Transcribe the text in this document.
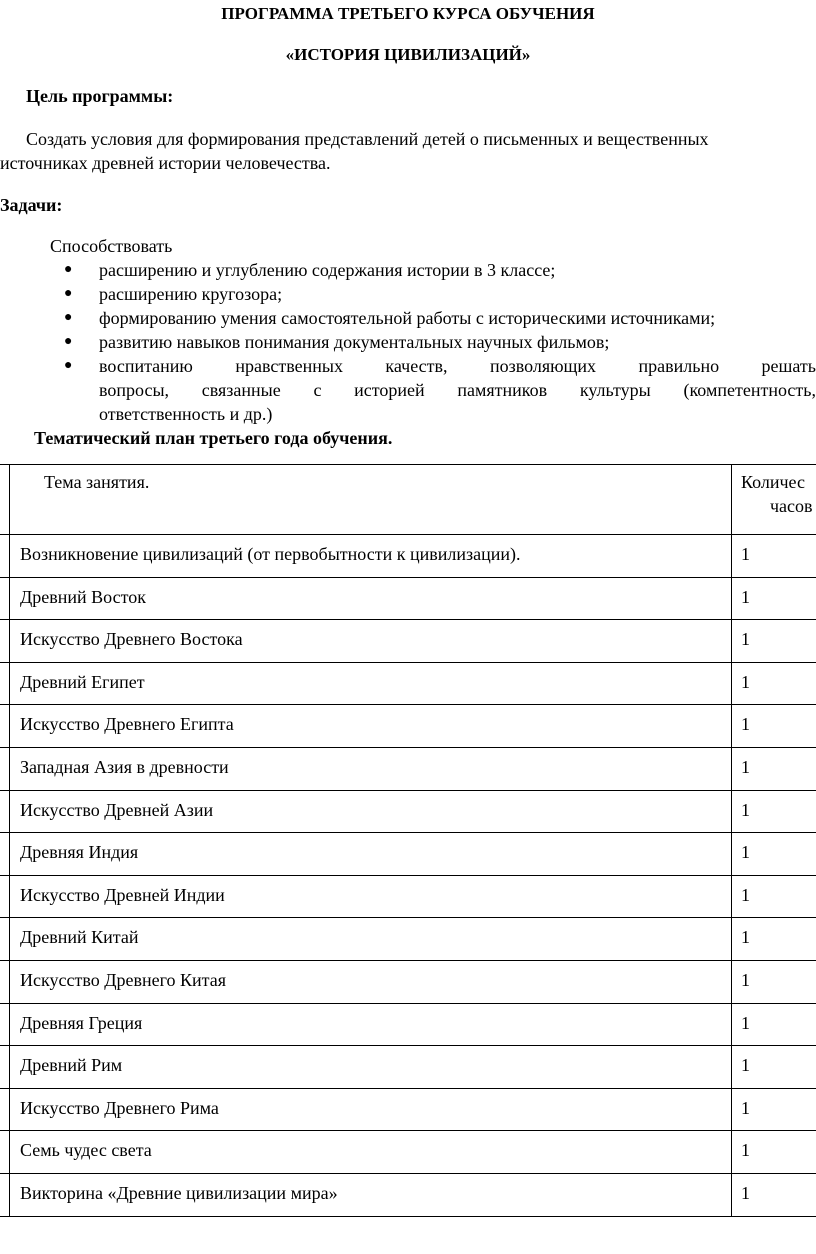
ПРОГРАММА ТРЕТЬЕГО КУРСА ОБУЧЕНИЯ
«ИСТОРИЯ ЦИВИЛИЗАЦИЙ»
Цель программы:
Создать условия для формирования представлений детей о письменных и вещественных
источниках древней истории человечества.
Задачи:
Способствовать
● расширению и углублению содержания истории в 3 классе;
● расширению кругозора;
● формированию умения самостоятельной работы с историческими источниками;
● развитию навыков понимания документальных научных фильмов;
● воспитанию нравственных качеств, позволяющих правильно решать
вопросы, связанные с историей памятников культуры (компетентность,
ответственность и др.)
Тематический план третьего года обучения.
Тема занятия.	Количес
часов
Возникновение цивилизаций (от первобытности к цивилизации).	1
Древний Восток	1
Искусство Древнего Востока	1
Древний Египет	1
Искусство Древнего Египта	1
Западная Азия в древности	1
Искусство Древней Азии	1
Древняя Индия	1
Искусство Древней Индии	1
Древний Китай	1
Искусство Древнего Китая	1
Древняя Греция	1
Древний Рим	1
Искусство Древнего Рима	1
Семь чудес света	1
Викторина «Древние цивилизации мира»	1
